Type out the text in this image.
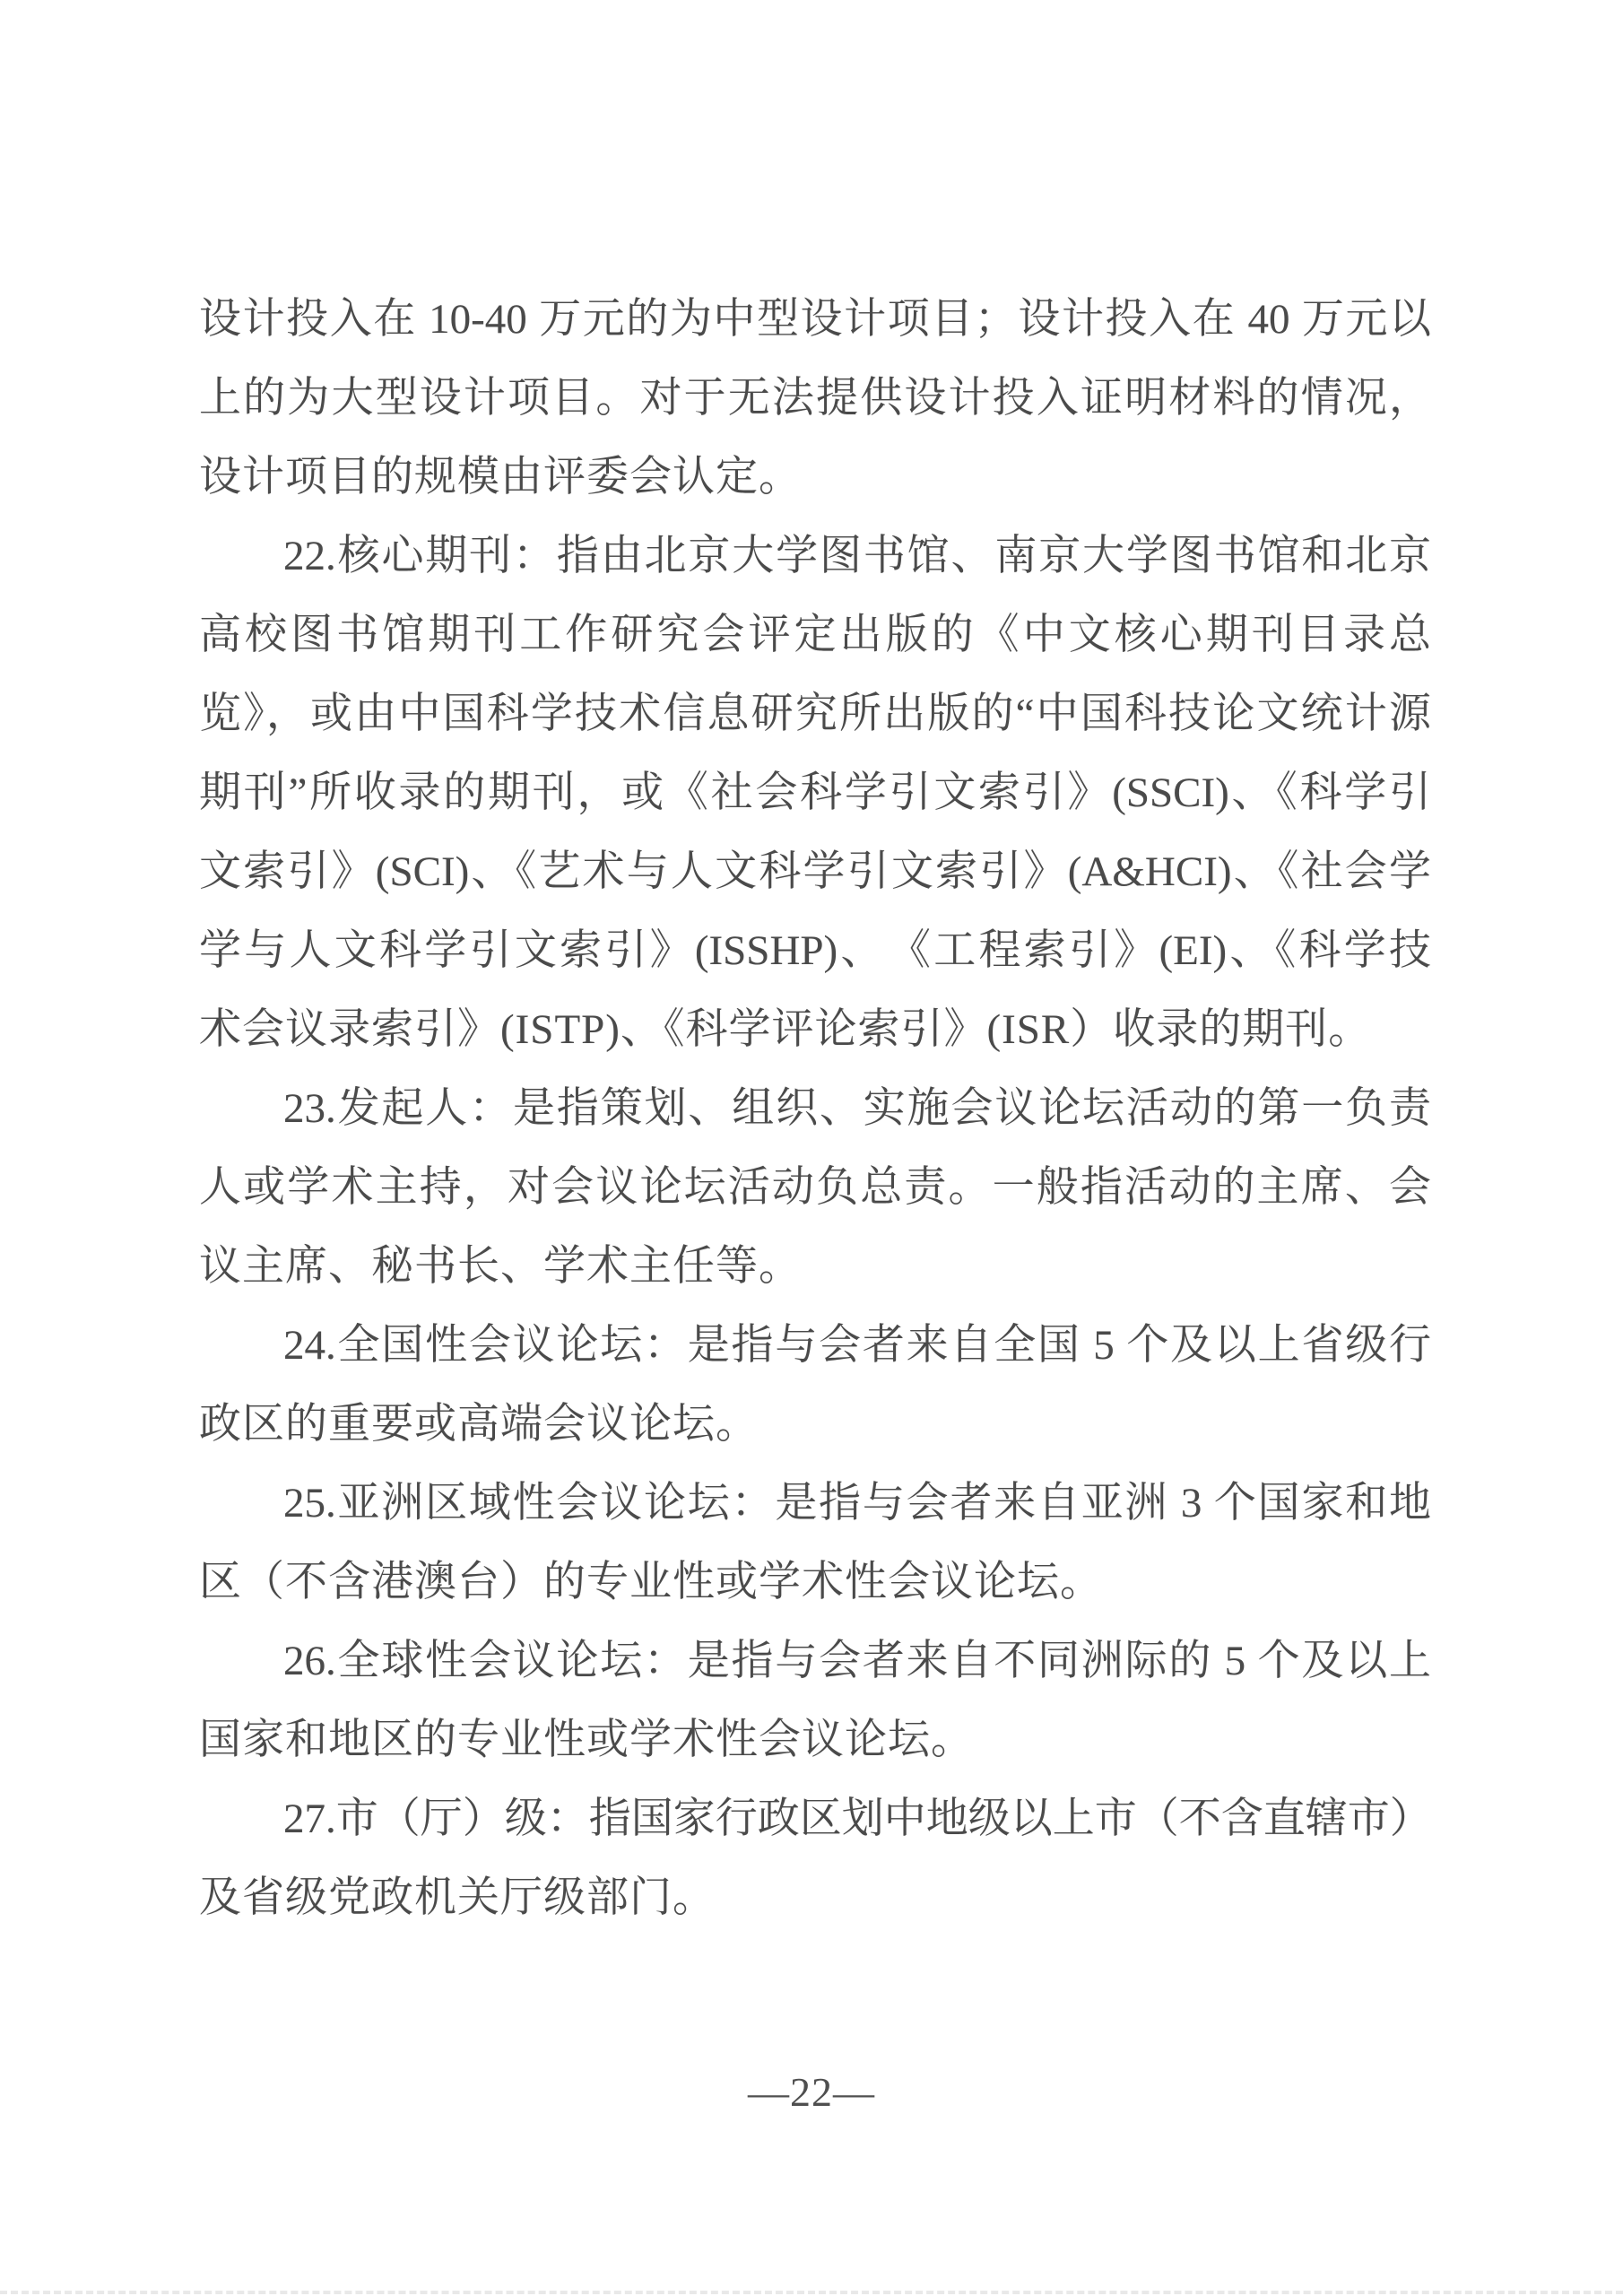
设计投入在 10-40 万元的为中型设计项目；设计投入在 40 万元以
上的为大型设计项目。对于无法提供设计投入证明材料的情况，
设计项目的规模由评委会认定。
22.核心期刊：指由北京大学图书馆、南京大学图书馆和北京
高校图书馆期刊工作研究会评定出版的《中文核心期刊目录总
览》，或由中国科学技术信息研究所出版的“中国科技论文统计源
期刊”所收录的期刊，或《社会科学引文索引》(SSCI)、《科学引
文索引》(SCI)、《艺术与人文科学引文索引》(A&HCI)、《社会学
学与人文科学引文索引》(ISSHP)、　《工程索引》(EI)、《科学技
术会议录索引》(ISTP)、《科学评论索引》(ISR）收录的期刊。
23.发起人：是指策划、组织、实施会议论坛活动的第一负责
人或学术主持，对会议论坛活动负总责。一般指活动的主席、会
议主席、秘书长、学术主任等。
24.全国性会议论坛：是指与会者来自全国 5 个及以上省级行
政区的重要或高端会议论坛。
25.亚洲区域性会议论坛：是指与会者来自亚洲 3 个国家和地
区（不含港澳台）的专业性或学术性会议论坛。
26.全球性会议论坛：是指与会者来自不同洲际的 5 个及以上
国家和地区的专业性或学术性会议论坛。
27.市（厅）级：指国家行政区划中地级以上市（不含直辖市）
及省级党政机关厅级部门。
—22—
